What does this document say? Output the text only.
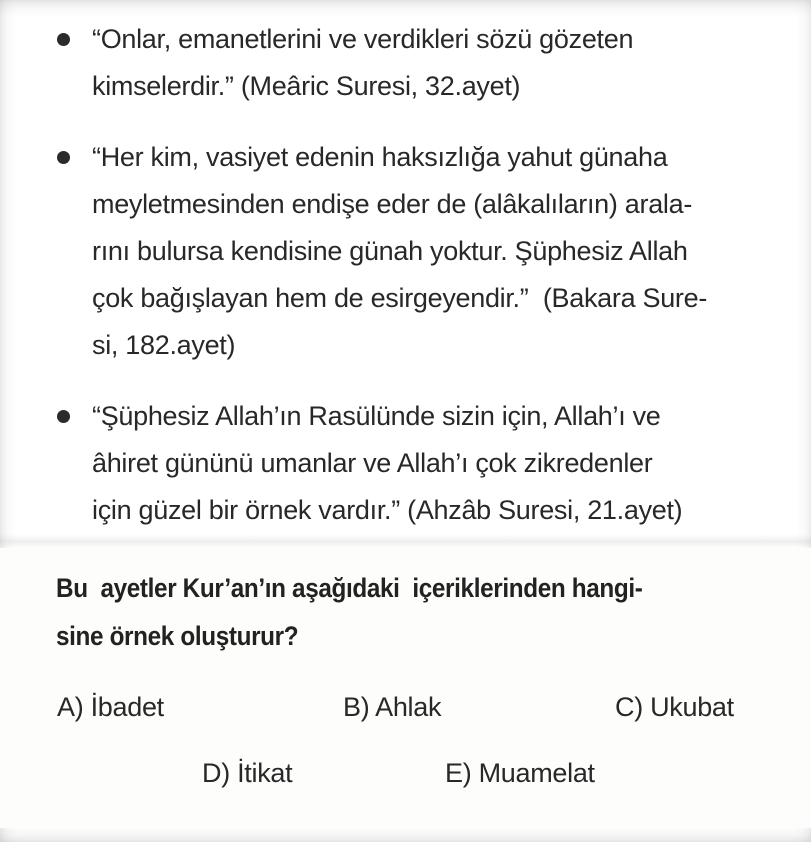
“Onlar, emanetlerini ve verdikleri sözü gözeten
kimselerdir.” (Meâric Suresi, 32.ayet)
“Her kim, vasiyet edenin haksızlığa yahut günaha
meyletmesinden endişe eder de (alâkalıların) arala-
rını bulursa kendisine günah yoktur. Şüphesiz Allah
çok bağışlayan hem de esirgeyendir.”  (Bakara Sure-
si, 182.ayet)
“Şüphesiz Allah’ın Rasülünde sizin için, Allah’ı ve
âhiret gününü umanlar ve Allah’ı çok zikredenler
için güzel bir örnek vardır.” (Ahzâb Suresi, 21.ayet)
Bu  ayetler Kur’an’ın aşağıdaki  içeriklerinden hangi-
sine örnek oluşturur?
A) İbadet	B) Ahlak	C) Ukubat
D) İtikat	E) Muamelat
